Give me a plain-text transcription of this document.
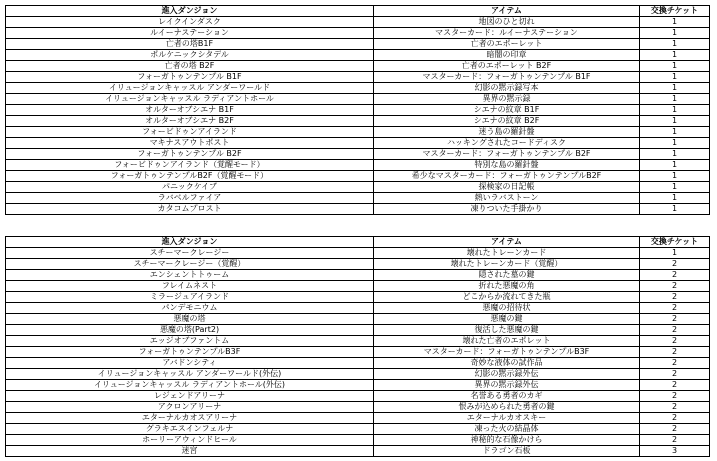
進入ダンジョン	アイテム	交換チケット
レイクインダスク	地図のひと切れ	1
ルイーナステーション	マスターカード：ルイーナステーション	1
亡者の塔B1F	亡者のエポーレット	1
ポルケニックシタデル	暗闇の印章	1
亡者の塔 B2F	亡者のエポーレット B2F	1
フォーガトゥンテンプル B1F	マスターカード：フォーガトゥンテンプル B1F	1
イリュージョンキャッスル アンダーワールド	幻影の黙示録写本	1
イリュージョンキャッスル ラディアントホール	異界の黙示録	1
オルターオブシエナ B1F	シエナの紋章 B1F	1
オルターオブシエナ B2F	シエナの紋章 B2F	1
フォービドゥンアイランド	迷う島の羅針盤	1
マキナスアウトポスト	ハッキングされたコードディスク	1
フォーガトゥンテンプル B2F	マスターカード：フォーガトゥンテンプル B2F	1
フォービドゥンアイランド（覚醒モード）	特別な島の羅針盤	1
フォーガトゥンテンプルB2F（覚醒モード）	希少なマスターカード：フォーガトゥンテンプルB2F	1
パニックケイブ	探検家の日記帳	1
ラバベルファイア	熱いラバストーン	1
カタコムプロスト	凍りついた手掛かり	1
進入ダンジョン	アイテム	交換チケット
スチーマークレージー	壊れたトレーンカード	1
スチーマークレージー（覚醒）	壊れたトレーンカード（覚醒）	2
エンシェントトゥーム	隠された墓の鍵	2
フレイムネスト	折れた悪魔の角	2
ミラージュアイランド	どこからか流れてきた瓶	2
パンデモニウム	悪魔の招待状	2
悪魔の塔	悪魔の鍵	2
悪魔の塔(Part2)	復活した悪魔の鍵	2
エッジオブファントム	壊れた亡者のエポレット	2
フォーガトゥンテンプルB3F	マスターカード：フォーガトゥンテンプルB3F	2
アバドンシティ	奇妙な液体の試作品	2
イリュージョンキャッスル アンダーワールド(外伝)	幻影の黙示録外伝	2
イリュージョンキャッスル ラディアントホール(外伝)	異界の黙示録外伝	2
レジェンドアリーナ	名誉ある勇者のカギ	2
アクロンアリーナ	恨みが込められた勇者の鍵	2
エターナルカオスアリーナ	エターナルカオスキー	2
グラキエスインフェルナ	凍った火の結晶体	2
ホーリーアウィンドヒール	神秘的な石像かけら	2
迷宮	ドラゴン石板	3
